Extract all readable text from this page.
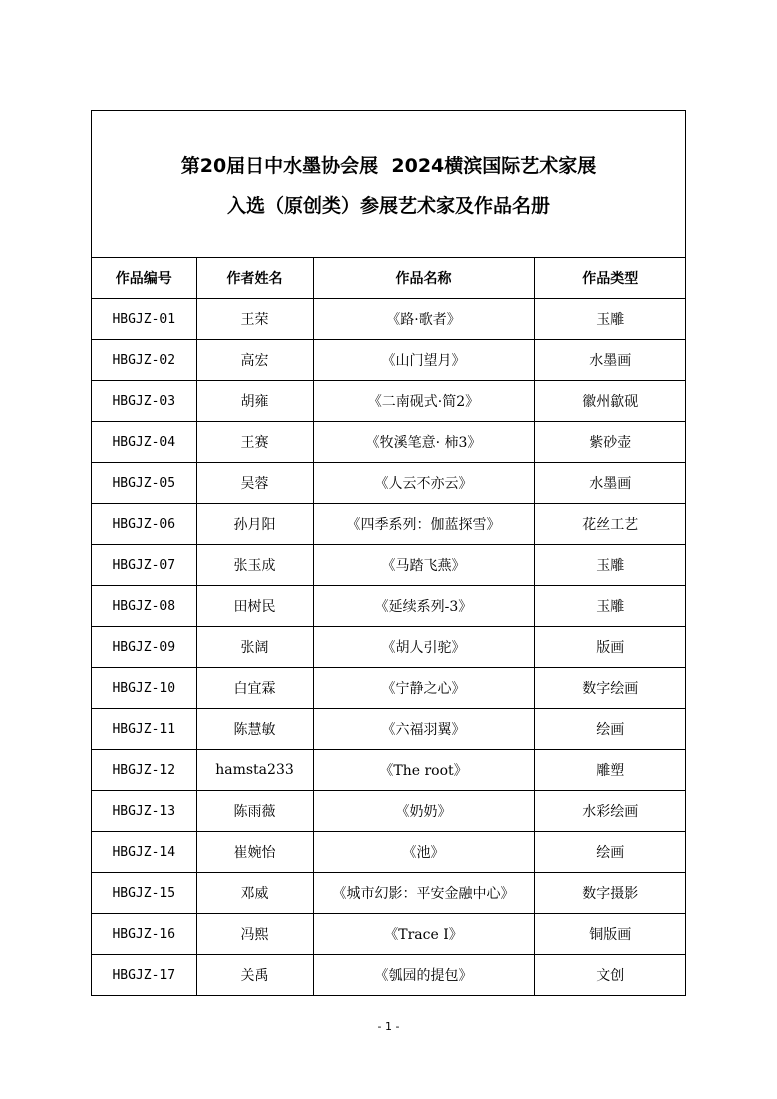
第20届日中水墨协会展  2024横滨国际艺术家展
入选（原创类）参展艺术家及作品名册
作品编号	作者姓名	作品名称	作品类型
HBGJZ-01	王荣	《路·歌者》	玉雕
HBGJZ-02	高宏	《山门望月》	水墨画
HBGJZ-03	胡雍	《二南砚式·简2》	徽州歙砚
HBGJZ-04	王赛	《牧溪笔意· 柿3》	紫砂壶
HBGJZ-05	吴蓉	《人云不亦云》	水墨画
HBGJZ-06	孙月阳	《四季系列：伽蓝探雪》	花丝工艺
HBGJZ-07	张玉成	《马踏飞燕》	玉雕
HBGJZ-08	田树民	《延续系列-3》	玉雕
HBGJZ-09	张阔	《胡人引驼》	版画
HBGJZ-10	白宜霖	《宁静之心》	数字绘画
HBGJZ-11	陈慧敏	《六福羽翼》	绘画
HBGJZ-12	hamsta233	《The root》	雕塑
HBGJZ-13	陈雨薇	《奶奶》	水彩绘画
HBGJZ-14	崔婉怡	《池》	绘画
HBGJZ-15	邓威	《城市幻影：平安金融中心》	数字摄影
HBGJZ-16	冯熙	《Trace I》	铜版画
HBGJZ-17	关禹	《瓠园的提包》	文创
- 1 -
